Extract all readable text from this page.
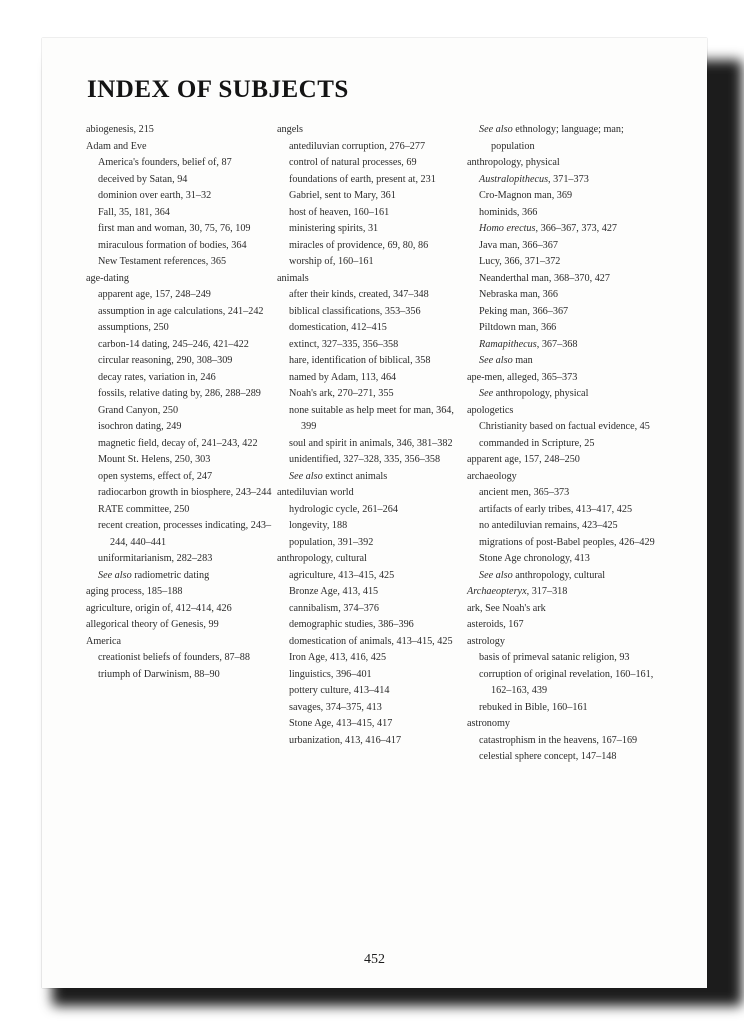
INDEX OF SUBJECTS

abiogenesis, 215

Adam and Eve

America's founders, belief of, 87

deceived by Satan, 94

dominion over earth, 31–32

Fall, 35, 181, 364

first man and woman, 30, 75, 76, 109

miraculous formation of bodies, 364

New Testament references, 365

age-dating

apparent age, 157, 248–249

assumption in age calculations, 241–242

assumptions, 250

carbon-14 dating, 245–246, 421–422

circular reasoning, 290, 308–309

decay rates, variation in, 246

fossils, relative dating by, 286, 288–289

Grand Canyon, 250

isochron dating, 249

magnetic field, decay of, 241–243, 422

Mount St. Helens, 250, 303

open systems, effect of, 247

radiocarbon growth in biosphere, 243–244

RATE committee, 250

recent creation, processes indicating, 243–244, 440–441

uniformitarianism, 282–283

See also radiometric dating

aging process, 185–188

agriculture, origin of, 412–414, 426

allegorical theory of Genesis, 99

America

creationist beliefs of founders, 87–88

triumph of Darwinism, 88–90

angels

antediluvian corruption, 276–277

control of natural processes, 69

foundations of earth, present at, 231

Gabriel, sent to Mary, 361

host of heaven, 160–161

ministering spirits, 31

miracles of providence, 69, 80, 86

worship of, 160–161

animals

after their kinds, created, 347–348

biblical classifications, 353–356

domestication, 412–415

extinct, 327–335, 356–358

hare, identification of biblical, 358

named by Adam, 113, 464

Noah's ark, 270–271, 355

none suitable as help meet for man, 364, 399

soul and spirit in animals, 346, 381–382

unidentified, 327–328, 335, 356–358

See also extinct animals

antediluvian world

hydrologic cycle, 261–264

longevity, 188

population, 391–392

anthropology, cultural

agriculture, 413–415, 425

Bronze Age, 413, 415

cannibalism, 374–376

demographic studies, 386–396

domestication of animals, 413–415, 425

Iron Age, 413, 416, 425

linguistics, 396–401

pottery culture, 413–414

savages, 374–375, 413

Stone Age, 413–415, 417

urbanization, 413, 416–417

See also ethnology; language; man; population

anthropology, physical

Australopithecus, 371–373

Cro-Magnon man, 369

hominids, 366

Homo erectus, 366–367, 373, 427

Java man, 366–367

Lucy, 366, 371–372

Neanderthal man, 368–370, 427

Nebraska man, 366

Peking man, 366–367

Piltdown man, 366

Ramapithecus, 367–368

See also man

ape-men, alleged, 365–373

See anthropology, physical

apologetics

Christianity based on factual evidence, 45

commanded in Scripture, 25

apparent age, 157, 248–250

archaeology

ancient men, 365–373

artifacts of early tribes, 413–417, 425

no antediluvian remains, 423–425

migrations of post-Babel peoples, 426–429

Stone Age chronology, 413

See also anthropology, cultural

Archaeopteryx, 317–318

ark, See Noah's ark

asteroids, 167

astrology

basis of primeval satanic religion, 93

corruption of original revelation, 160–161, 162–163, 439

rebuked in Bible, 160–161

astronomy

catastrophism in the heavens, 167–169

celestial sphere concept, 147–148

452
